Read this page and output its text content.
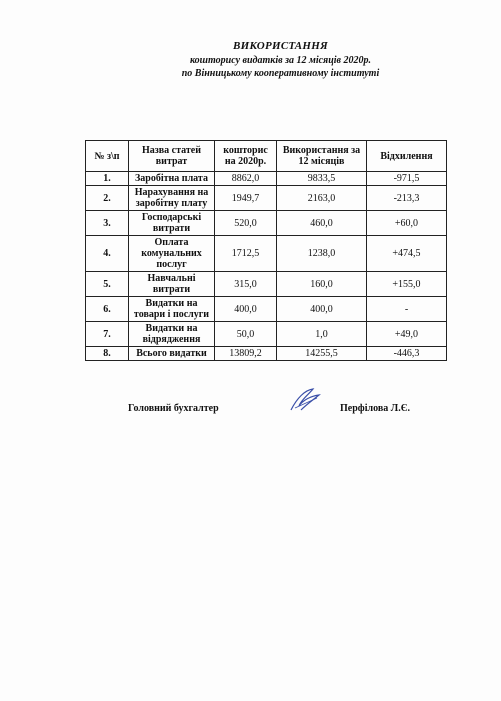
ВИКОРИСТАННЯ
кошторису видатків за 12 місяців 2020р.
по Вінницькому кооперативному інституті
№ з\п	Назва статей витрат	кошторис на 2020р.	Використання за 12 місяців	Відхилення
1.	Заробітна плата	8862,0	9833,5	-971,5
2.	Нарахування на заробітну плату	1949,7	2163,0	-213,3
3.	Господарські витрати	520,0	460,0	+60,0
4.	Оплата комунальних послуг	1712,5	1238,0	+474,5
5.	Навчальні витрати	315,0	160,0	+155,0
6.	Видатки на товари і послуги	400,0	400,0	-
7.	Видатки на відрядження	50,0	1,0	+49,0
8.	Всього видатки	13809,2	14255,5	-446,3
Головний бухгалтер	Перфілова Л.Є.
